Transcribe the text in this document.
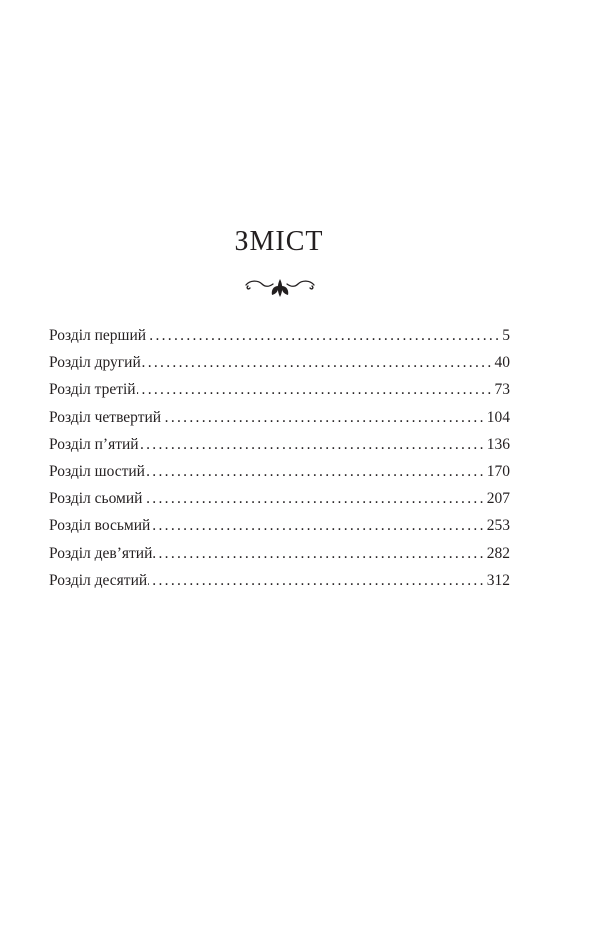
ЗМІСТ
Розділ перший .....	5
Розділ другий .....	40
Розділ третій .....	73
Розділ четвертий .....	104
Розділ п’ятий .....	136
Розділ шостий .....	170
Розділ сьомий .....	207
Розділ восьмий .....	253
Розділ дев’ятий .....	282
Розділ десятий .....	312
